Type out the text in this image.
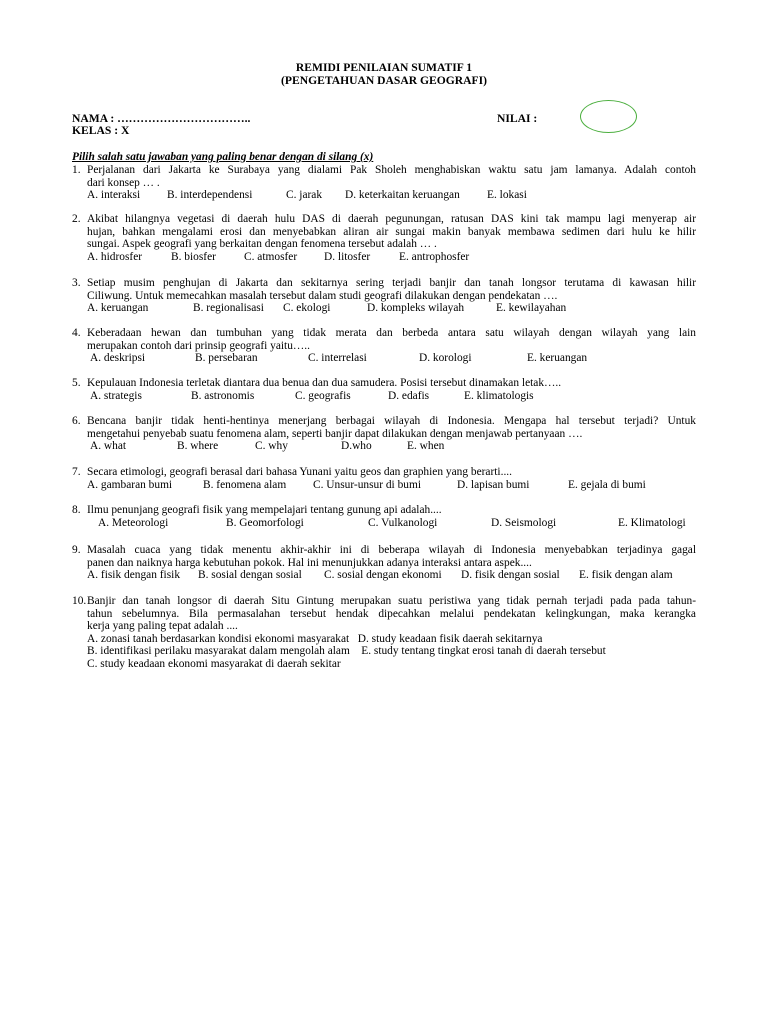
REMIDI PENILAIAN SUMATIF 1
(PENGETAHUAN DASAR GEOGRAFI)
NAMA : ……………………………..
KELAS : X
NILAI :
Pilih salah satu jawaban yang paling benar dengan di silang (x)
1. Perjalanan dari Jakarta ke Surabaya yang dialami Pak Sholeh menghabiskan waktu satu jam lamanya. Adalah contoh
dari konsep … .
A. interaksi B. interdependensi	C. jarak D. keterkaitan keruangan E. lokasi
2. Akibat hilangnya vegetasi di daerah hulu DAS di daerah pegunungan, ratusan DAS kini tak mampu lagi menyerap air
hujan, bahkan mengalami erosi dan menyebabkan aliran air sungai makin banyak membawa sedimen dari hulu ke hilir
sungai. Aspek geografi yang berkaitan dengan fenomena tersebut adalah … .
A. hidrosfer	B. biosfer C. atmosfer D. litosfer	E. antrophosfer
3. Setiap musim penghujan di Jakarta dan sekitarnya sering terjadi banjir dan tanah longsor terutama di kawasan hilir
Ciliwung. Untuk memecahkan masalah tersebut dalam studi geografi dilakukan dengan pendekatan ….
A. keruangan	B. regionalisasi C. ekologi	D. kompleks wilayah	E. kewilayahan
4. Keberadaan hewan dan tumbuhan yang tidak merata dan berbeda antara satu wilayah dengan wilayah yang lain
merupakan contoh dari prinsip geografi yaitu…..
A. deskripsi	B. persebaran	C. interrelasi	D. korologi	E. keruangan
5. Kepulauan Indonesia terletak diantara dua benua dan dua samudera. Posisi tersebut dinamakan letak…..
A. strategis	B. astronomis	C. geografis	D. edafis	E. klimatologis
6. Bencana banjir tidak henti-hentinya menerjang berbagai wilayah di Indonesia. Mengapa hal tersebut terjadi? Untuk
mengetahui penyebab suatu fenomena alam, seperti banjir dapat dilakukan dengan menjawab pertanyaan ….
A. what	B. where	C. why	D.who	E. when
7. Secara etimologi, geografi berasal dari bahasa Yunani yaitu geos dan graphien yang berarti....
A. gambaran bumi	B. fenomena alam C. Unsur-unsur di bumi	D. lapisan bumi	E. gejala di bumi
8. Ilmu penunjang geografi fisik yang mempelajari tentang gunung api adalah....
A. Meteorologi	B. Geomorfologi	C. Vulkanologi	D. Seismologi	E. Klimatologi
9. Masalah cuaca yang tidak menentu akhir-akhir ini di beberapa wilayah di Indonesia menyebabkan terjadinya gagal
panen dan naiknya harga kebutuhan pokok. Hal ini menunjukkan adanya interaksi antara aspek....
A. fisik dengan fisik B. sosial dengan sosial C. sosial dengan ekonomi D. fisik dengan sosial E. fisik dengan alam
10. Banjir dan tanah longsor di daerah Situ Gintung merupakan suatu peristiwa yang tidak pernah terjadi pada pada tahun-
tahun sebelumnya. Bila permasalahan tersebut hendak dipecahkan melalui pendekatan kelingkungan, maka kerangka
kerja yang paling tepat adalah ....
A. zonasi tanah berdasarkan kondisi ekonomi masyarakat   D. study keadaan fisik daerah sekitarnya
B. identifikasi perilaku masyarakat dalam mengolah alam    E. study tentang tingkat erosi tanah di daerah tersebut
C. study keadaan ekonomi masyarakat di daerah sekitar
